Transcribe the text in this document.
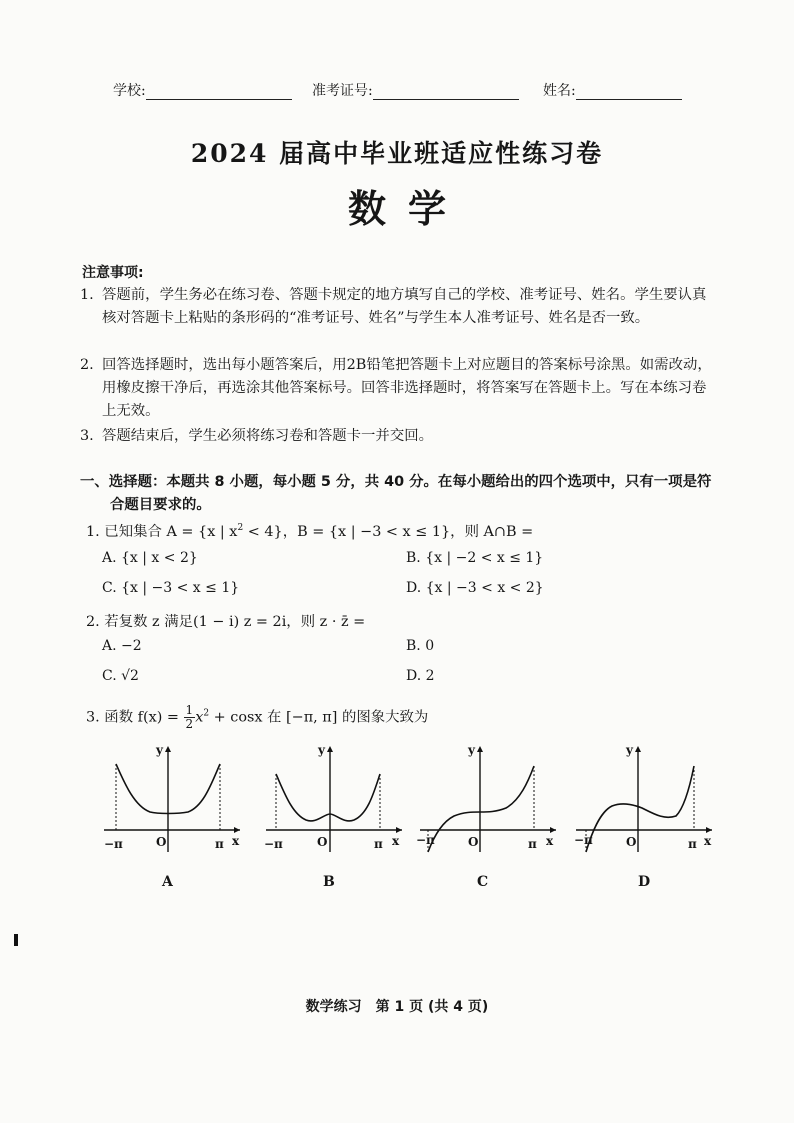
学校:	准考证号:	姓名:
2024 届高中毕业班适应性练习卷
数学
注意事项:
1. 答题前，学生务必在练习卷、答题卡规定的地方填写自己的学校、准考证号、姓名。学生要认真核对答题卡上粘贴的条形码的“准考证号、姓名”与学生本人准考证号、姓名是否一致。
2. 回答选择题时，选出每小题答案后，用2B铅笔把答题卡上对应题目的答案标号涂黑。如需改动，用橡皮擦干净后，再选涂其他答案标号。回答非选择题时，将答案写在答题卡上。写在本练习卷上无效。
3. 答题结束后，学生必须将练习卷和答题卡一并交回。
一、选择题：本题共 8 小题，每小题 5 分，共 40 分。在每小题给出的四个选项中，只有一项是符合题目要求的。
1. 已知集合 A = {x | $x^2 < 4$}，B = {x | −3 < x ≤ 1}，则 A∩B =
A. {x | x < 2}	B. {x | −2 < x ≤ 1}
C. {x | −3 < x ≤ 1}	D. {x | −3 < x < 2}
2. 若复数 z 满足(1 − i) z = 2i，则 z · z̄ =
A. −2	B. 0
C. √2	D. 2
3. 函数 $f(x) = \frac{1}{2} x^2 + \cos x$ 在 [−π, π] 的图象大致为
−π	O	π x
y
−π	O	π x
y
−π	O	π x
y
−π	O	π x
y
A	B	C	D
数学练习　第 1 页 (共 4 页)
